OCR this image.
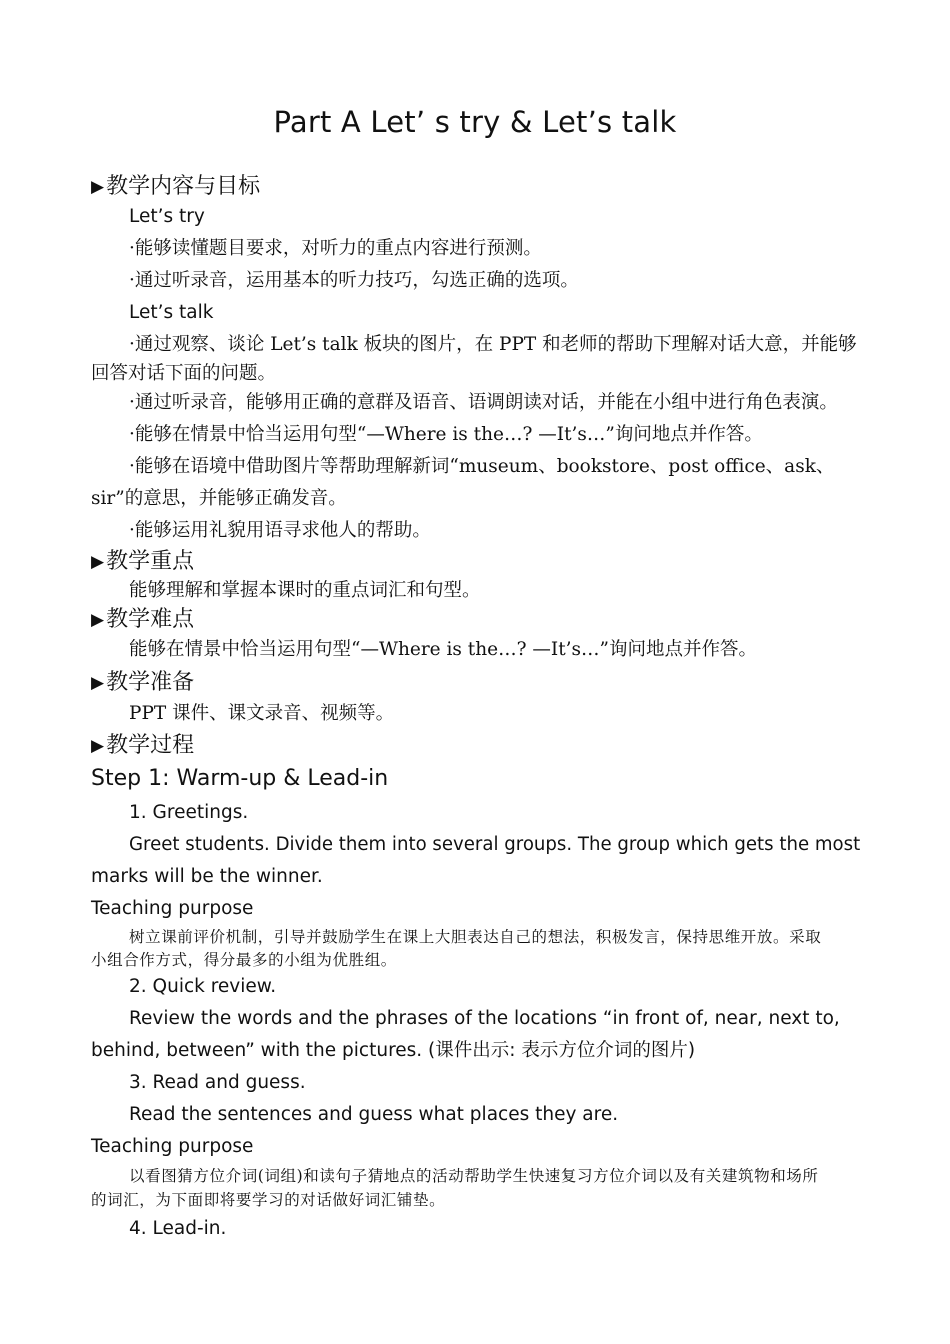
Part A Let’ s try & Let’s talk
▶教学内容与目标
Let’s try
·能够读懂题目要求，对听力的重点内容进行预测。
·通过听录音，运用基本的听力技巧，勾选正确的选项。
Let’s talk
·通过观察、谈论 Let’s talk 板块的图片，在 PPT 和老师的帮助下理解对话大意，并能够
回答对话下面的问题。
·通过听录音，能够用正确的意群及语音、语调朗读对话，并能在小组中进行角色表演。
·能够在情景中恰当运用句型“—Where is the…? —It’s…”询问地点并作答。
·能够在语境中借助图片等帮助理解新词“museum、bookstore、post office、ask、
sir”的意思，并能够正确发音。
·能够运用礼貌用语寻求他人的帮助。
▶教学重点
能够理解和掌握本课时的重点词汇和句型。
▶教学难点
能够在情景中恰当运用句型“—Where is the…? —It’s…”询问地点并作答。
▶教学准备
PPT 课件、课文录音、视频等。
▶教学过程
Step 1: Warm-up & Lead-in
1. Greetings.
Greet students. Divide them into several groups. The group which gets the most
marks will be the winner.
Teaching purpose
树立课前评价机制，引导并鼓励学生在课上大胆表达自己的想法，积极发言，保持思维开放。采取
小组合作方式，得分最多的小组为优胜组。
2. Quick review.
Review the words and the phrases of the locations “in front of, near, next to,
behind, between” with the pictures. (课件出示: 表示方位介词的图片)
3. Read and guess.
Read the sentences and guess what places they are.
Teaching purpose
以看图猜方位介词(词组)和读句子猜地点的活动帮助学生快速复习方位介词以及有关建筑物和场所
的词汇，为下面即将要学习的对话做好词汇铺垫。
4. Lead-in.
